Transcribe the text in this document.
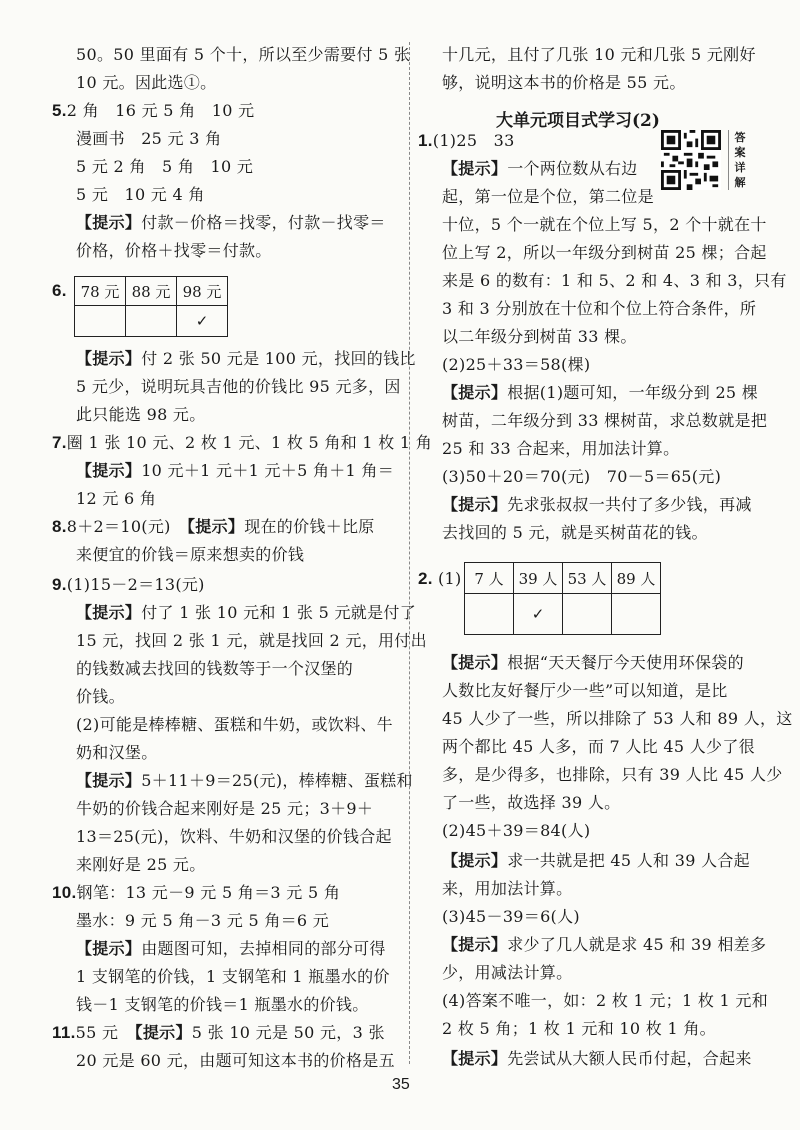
6. 78 元	88 元	98 元
		✓
50。50 里面有 5 个十，所以至少需要付 5 张
10 元。因此选①。
5.2 角　16 元 5 角　10 元
漫画书　25 元 3 角
5 元 2 角　5 角　10 元
5 元　10 元 4 角
【提示】付款－价格＝找零，付款－找零＝
价格，价格＋找零＝付款。
【提示】付 2 张 50 元是 100 元，找回的钱比
5 元少，说明玩具吉他的价钱比 95 元多，因
此只能选 98 元。
7.圈 1 张 10 元、2 枚 1 元、1 枚 5 角和 1 枚 1 角
【提示】10 元＋1 元＋1 元＋5 角＋1 角＝
12 元 6 角
8.8＋2＝10(元)　【提示】现在的价钱＋比原
来便宜的价钱＝原来想卖的价钱
9.(1)15－2＝13(元)
【提示】付了 1 张 10 元和 1 张 5 元就是付了
15 元，找回 2 张 1 元，就是找回 2 元，用付出
的钱数减去找回的钱数等于一个汉堡的
价钱。
(2)可能是棒棒糖、蛋糕和牛奶，或饮料、牛
奶和汉堡。
【提示】5＋11＋9＝25(元)，棒棒糖、蛋糕和
牛奶的价钱合起来刚好是 25 元；3＋9＋
13＝25(元)，饮料、牛奶和汉堡的价钱合起
来刚好是 25 元。
10.钢笔：13 元－9 元 5 角＝3 元 5 角
墨水：9 元 5 角－3 元 5 角＝6 元
【提示】由题图可知，去掉相同的部分可得
1 支钢笔的价钱，1 支钢笔和 1 瓶墨水的价
钱－1 支钢笔的价钱＝1 瓶墨水的价钱。
11.55 元　【提示】5 张 10 元是 50 元，3 张
20 元是 60 元，由题可知这本书的价格是五
大单元项目式学习(2)
2. (1) 7 人	39 人	53 人	89 人
	✓		
十几元，且付了几张 10 元和几张 5 元刚好
够，说明这本书的价格是 55 元。
1.(1)25　33
【提示】一个两位数从右边
起，第一位是个位，第二位是
十位，5 个一就在个位上写 5，2 个十就在十
位上写 2，所以一年级分到树苗 25 棵；合起
来是 6 的数有：1 和 5、2 和 4、3 和 3，只有
3 和 3 分别放在十位和个位上符合条件，所
以二年级分到树苗 33 棵。
(2)25＋33＝58(棵)
【提示】根据(1)题可知，一年级分到 25 棵
树苗，二年级分到 33 棵树苗，求总数就是把
25 和 33 合起来，用加法计算。
(3)50＋20＝70(元)　70－5＝65(元)
【提示】先求张叔叔一共付了多少钱，再减
去找回的 5 元，就是买树苗花的钱。
【提示】根据“天天餐厅今天使用环保袋的
人数比友好餐厅少一些”可以知道，是比
45 人少了一些，所以排除了 53 人和 89 人，这
两个都比 45 人多，而 7 人比 45 人少了很
多，是少得多，也排除，只有 39 人比 45 人少
了一些，故选择 39 人。
(2)45＋39＝84(人)
【提示】求一共就是把 45 人和 39 人合起
来，用加法计算。
(3)45－39＝6(人)
【提示】求少了几人就是求 45 和 39 相差多
少，用减法计算。
(4)答案不唯一，如：2 枚 1 元；1 枚 1 元和
2 枚 5 角；1 枚 1 元和 10 枚 1 角。
【提示】先尝试从大额人民币付起，合起来
答案详解
35
